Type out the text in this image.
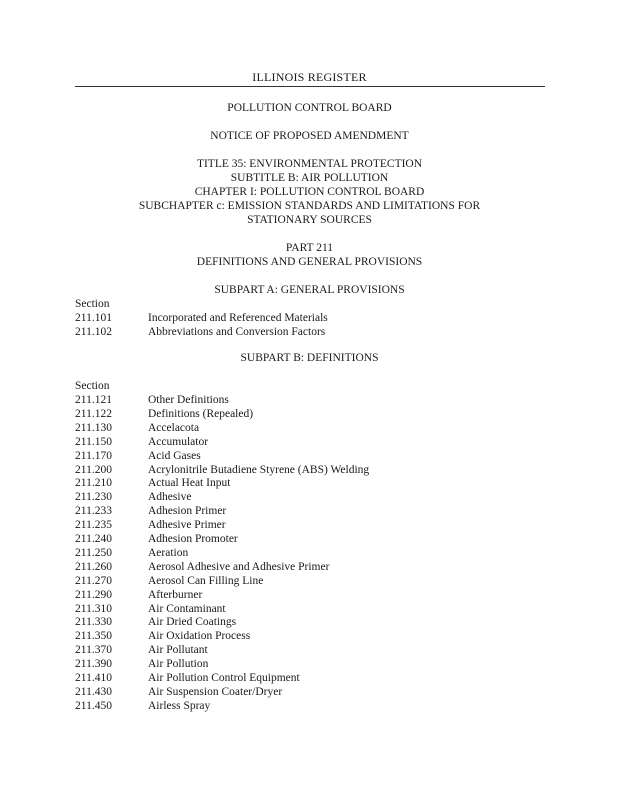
ILLINOIS REGISTER
POLLUTION CONTROL BOARD
NOTICE OF PROPOSED AMENDMENT
TITLE 35: ENVIRONMENTAL PROTECTION
SUBTITLE B: AIR POLLUTION
CHAPTER I: POLLUTION CONTROL BOARD
SUBCHAPTER c: EMISSION STANDARDS AND LIMITATIONS FOR
STATIONARY SOURCES
PART 211
DEFINITIONS AND GENERAL PROVISIONS
SUBPART A: GENERAL PROVISIONS
Section
211.101	Incorporated and Referenced Materials
211.102	Abbreviations and Conversion Factors
SUBPART B: DEFINITIONS
Section
211.121	Other Definitions
211.122	Definitions (Repealed)
211.130	Accelacota
211.150	Accumulator
211.170	Acid Gases
211.200	Acrylonitrile Butadiene Styrene (ABS) Welding
211.210	Actual Heat Input
211.230	Adhesive
211.233	Adhesion Primer
211.235	Adhesive Primer
211.240	Adhesion Promoter
211.250	Aeration
211.260	Aerosol Adhesive and Adhesive Primer
211.270	Aerosol Can Filling Line
211.290	Afterburner
211.310	Air Contaminant
211.330	Air Dried Coatings
211.350	Air Oxidation Process
211.370	Air Pollutant
211.390	Air Pollution
211.410	Air Pollution Control Equipment
211.430	Air Suspension Coater/Dryer
211.450	Airless Spray
